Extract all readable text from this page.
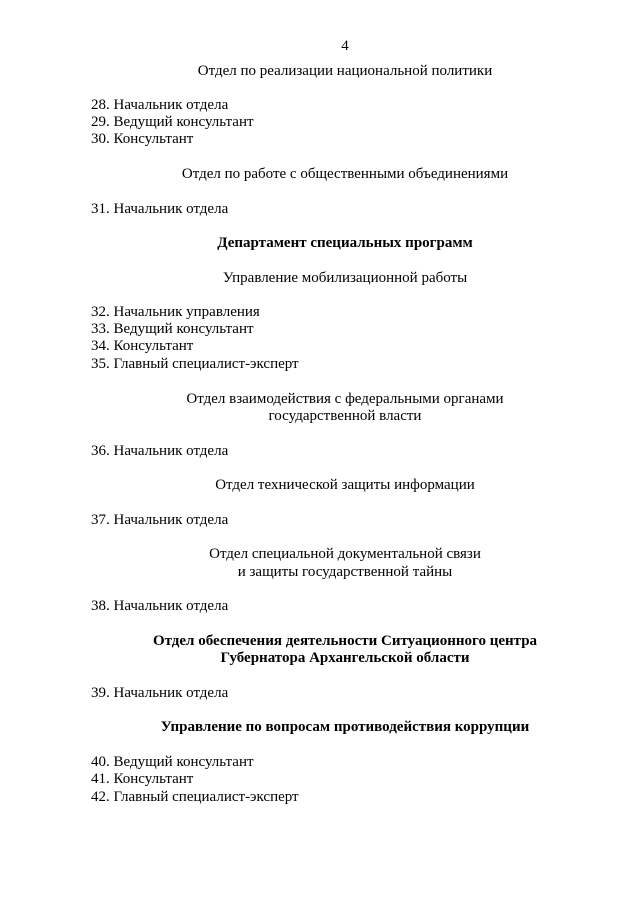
4
Отдел по реализации национальной политики
28. Начальник отдела
29. Ведущий консультант
30. Консультант
Отдел по работе с общественными объединениями
31. Начальник отдела
Департамент специальных программ
Управление мобилизационной работы
32. Начальник управления
33. Ведущий консультант
34. Консультант
35. Главный специалист-эксперт
Отдел взаимодействия с федеральными органами
государственной власти
36. Начальник отдела
Отдел технической защиты информации
37. Начальник отдела
Отдел специальной документальной связи
и защиты государственной тайны
38. Начальник отдела
Отдел обеспечения деятельности Ситуационного центра
Губернатора Архангельской области
39. Начальник отдела
Управление по вопросам противодействия коррупции
40. Ведущий консультант
41. Консультант
42. Главный специалист-эксперт
